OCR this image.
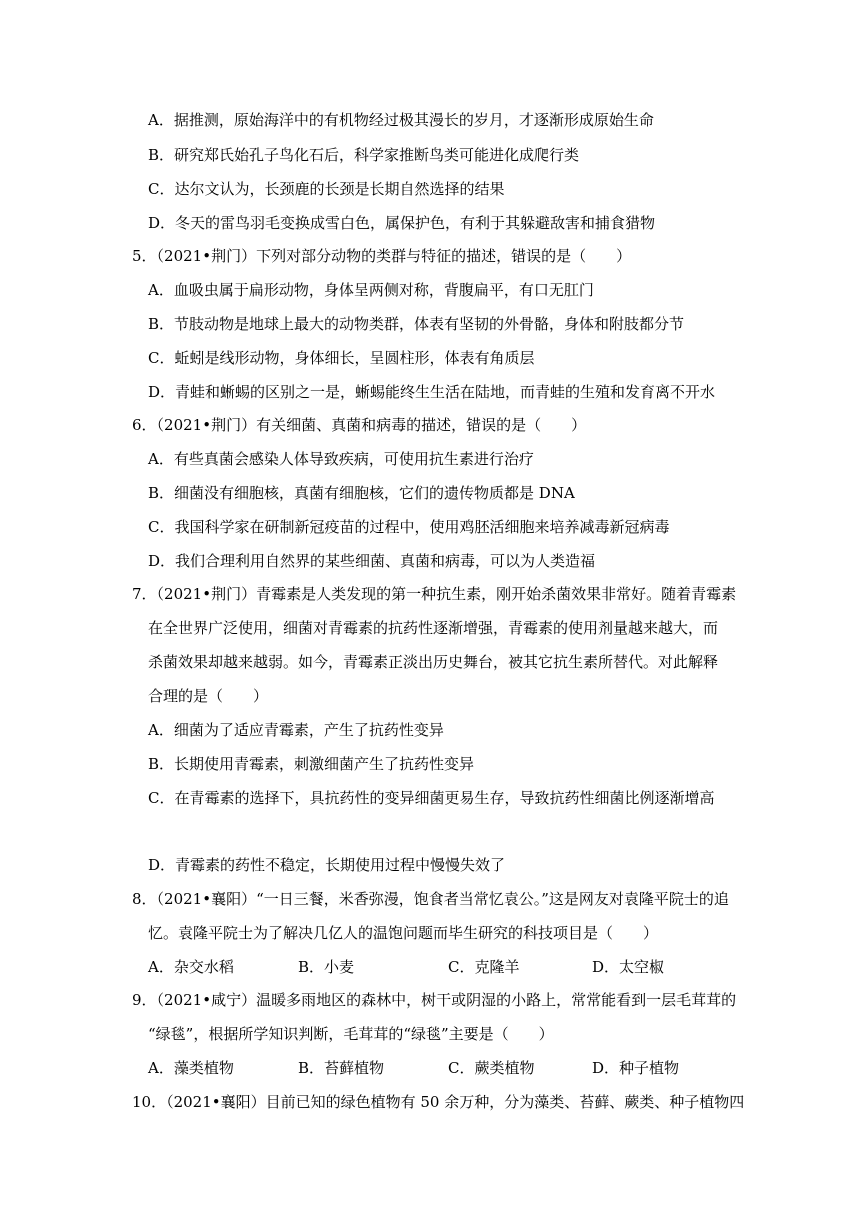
A．据推测，原始海洋中的有机物经过极其漫长的岁月，才逐渐形成原始生命
B．研究郑氏始孔子鸟化石后，科学家推断鸟类可能进化成爬行类
C．达尔文认为，长颈鹿的长颈是长期自然选择的结果
D．冬天的雷鸟羽毛变换成雪白色，属保护色，有利于其躲避敌害和捕食猎物
5．（2021•荆门）下列对部分动物的类群与特征的描述，错误的是（　　）
A．血吸虫属于扁形动物，身体呈两侧对称，背腹扁平，有口无肛门
B．节肢动物是地球上最大的动物类群，体表有坚韧的外骨骼，身体和附肢都分节
C．蚯蚓是线形动物，身体细长，呈圆柱形，体表有角质层
D．青蛙和蜥蜴的区别之一是，蜥蜴能终生生活在陆地，而青蛙的生殖和发育离不开水
6．（2021•荆门）有关细菌、真菌和病毒的描述，错误的是（　　）
A．有些真菌会感染人体导致疾病，可使用抗生素进行治疗
B．细菌没有细胞核，真菌有细胞核，它们的遗传物质都是 DNA
C．我国科学家在研制新冠疫苗的过程中，使用鸡胚活细胞来培养减毒新冠病毒
D．我们合理利用自然界的某些细菌、真菌和病毒，可以为人类造福
7．（2021•荆门）青霉素是人类发现的第一种抗生素，刚开始杀菌效果非常好。随着青霉素
在全世界广泛使用，细菌对青霉素的抗药性逐渐增强，青霉素的使用剂量越来越大，而
杀菌效果却越来越弱。如今，青霉素正淡出历史舞台，被其它抗生素所替代。对此解释
合理的是（　　）
A．细菌为了适应青霉素，产生了抗药性变异
B．长期使用青霉素，刺激细菌产生了抗药性变异
C．在青霉素的选择下，具抗药性的变异细菌更易生存，导致抗药性细菌比例逐渐增高
D．青霉素的药性不稳定，长期使用过程中慢慢失效了
8．（2021•襄阳）“一日三餐，米香弥漫，饱食者当常忆袁公。”这是网友对袁隆平院士的追
忆。袁隆平院士为了解决几亿人的温饱问题而毕生研究的科技项目是（　　）
A．杂交水稻	B．小麦	C．克隆羊	D．太空椒
9．（2021•咸宁）温暖多雨地区的森林中，树干或阴湿的小路上，常常能看到一层毛茸茸的
“绿毯”，根据所学知识判断，毛茸茸的“绿毯”主要是（　　）
A．藻类植物	B．苔藓植物	C．蕨类植物	D．种子植物
10．（2021•襄阳）目前已知的绿色植物有 50 余万种，分为藻类、苔藓、蕨类、种子植物四
